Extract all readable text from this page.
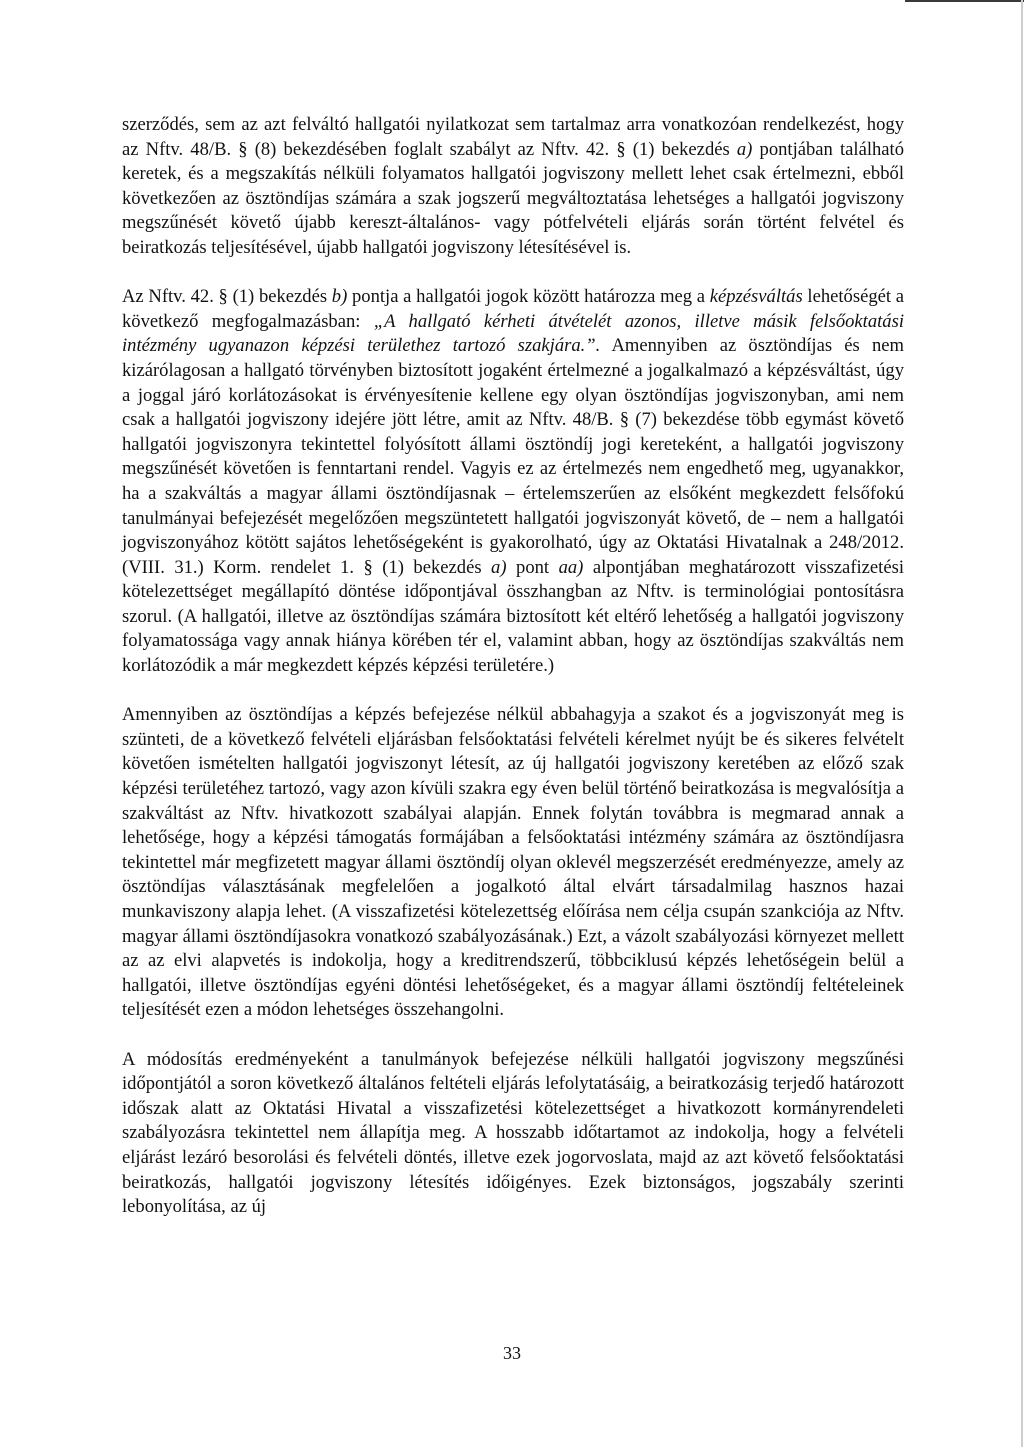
szerződés, sem az azt felváltó hallgatói nyilatkozat sem tartalmaz arra vonatkozóan rendelkezést, hogy az Nftv. 48/B. § (8) bekezdésében foglalt szabályt az Nftv. 42. § (1) bekezdés a) pontjában található keretek, és a megszakítás nélküli folyamatos hallgatói jogviszony mellett lehet csak értelmezni, ebből következően az ösztöndíjas számára a szak jogszerű megváltoztatása lehetséges a hallgatói jogviszony megszűnését követő újabb kereszt-általános- vagy pótfelvételi eljárás során történt felvétel és beiratkozás teljesítésével, újabb hallgatói jogviszony létesítésével is.

Az Nftv. 42. § (1) bekezdés b) pontja a hallgatói jogok között határozza meg a képzésváltás lehetőségét a következő megfogalmazásban: „A hallgató kérheti átvételét azonos, illetve másik felsőoktatási intézmény ugyanazon képzési területhez tartozó szakjára.”. Amennyiben az ösztöndíjas és nem kizárólagosan a hallgató törvényben biztosított jogaként értelmezné a jogalkalmazó a képzésváltást, úgy a joggal járó korlátozásokat is érvényesítenie kellene egy olyan ösztöndíjas jogviszonyban, ami nem csak a hallgatói jogviszony idejére jött létre, amit az Nftv. 48/B. § (7) bekezdése több egymást követő hallgatói jogviszonyra tekintettel folyósított állami ösztöndíj jogi kereteként, a hallgatói jogviszony megszűnését követően is fenntartani rendel. Vagyis ez az értelmezés nem engedhető meg, ugyanakkor, ha a szakváltás a magyar állami ösztöndíjasnak – értelemszerűen az elsőként megkezdett felsőfokú tanulmányai befejezését megelőzően megszüntetett hallgatói jogviszonyát követő, de – nem a hallgatói jogviszonyához kötött sajátos lehetőségeként is gyakorolható, úgy az Oktatási Hivatalnak a 248/2012. (VIII. 31.) Korm. rendelet 1. § (1) bekezdés a) pont aa) alpontjában meghatározott visszafizetési kötelezettséget megállapító döntése időpontjával összhangban az Nftv. is terminológiai pontosításra szorul. (A hallgatói, illetve az ösztöndíjas számára biztosított két eltérő lehetőség a hallgatói jogviszony folyamatossága vagy annak hiánya körében tér el, valamint abban, hogy az ösztöndíjas szakváltás nem korlátozódik a már megkezdett képzés képzési területére.)

Amennyiben az ösztöndíjas a képzés befejezése nélkül abbahagyja a szakot és a jogviszonyát meg is szünteti, de a következő felvételi eljárásban felsőoktatási felvételi kérelmet nyújt be és sikeres felvételt követően ismételten hallgatói jogviszonyt létesít, az új hallgatói jogviszony keretében az előző szak képzési területéhez tartozó, vagy azon kívüli szakra egy éven belül történő beiratkozása is megvalósítja a szakváltást az Nftv. hivatkozott szabályai alapján. Ennek folytán továbbra is megmarad annak a lehetősége, hogy a képzési támogatás formájában a felsőoktatási intézmény számára az ösztöndíjasra tekintettel már megfizetett magyar állami ösztöndíj olyan oklevél megszerzését eredményezze, amely az ösztöndíjas választásának megfelelően a jogalkotó által elvárt társadalmilag hasznos hazai munkaviszony alapja lehet. (A visszafizetési kötelezettség előírása nem célja csupán szankciója az Nftv. magyar állami ösztöndíjasokra vonatkozó szabályozásának.) Ezt, a vázolt szabályozási környezet mellett az az elvi alapvetés is indokolja, hogy a kreditrendszerű, többciklusú képzés lehetőségein belül a hallgatói, illetve ösztöndíjas egyéni döntési lehetőségeket, és a magyar állami ösztöndíj feltételeinek teljesítését ezen a módon lehetséges összehangolni.

A módosítás eredményeként a tanulmányok befejezése nélküli hallgatói jogviszony megszűnési időpontjától a soron következő általános feltételi eljárás lefolytatásáig, a beiratkozásig terjedő határozott időszak alatt az Oktatási Hivatal a visszafizetési kötelezettséget a hivatkozott kormányrendeleti szabályozásra tekintettel nem állapítja meg. A hosszabb időtartamot az indokolja, hogy a felvételi eljárást lezáró besorolási és felvételi döntés, illetve ezek jogorvoslata, majd az azt követő felsőoktatási beiratkozás, hallgatói jogviszony létesítés időigényes. Ezek biztonságos, jogszabály szerinti lebonyolítása, az új

33
